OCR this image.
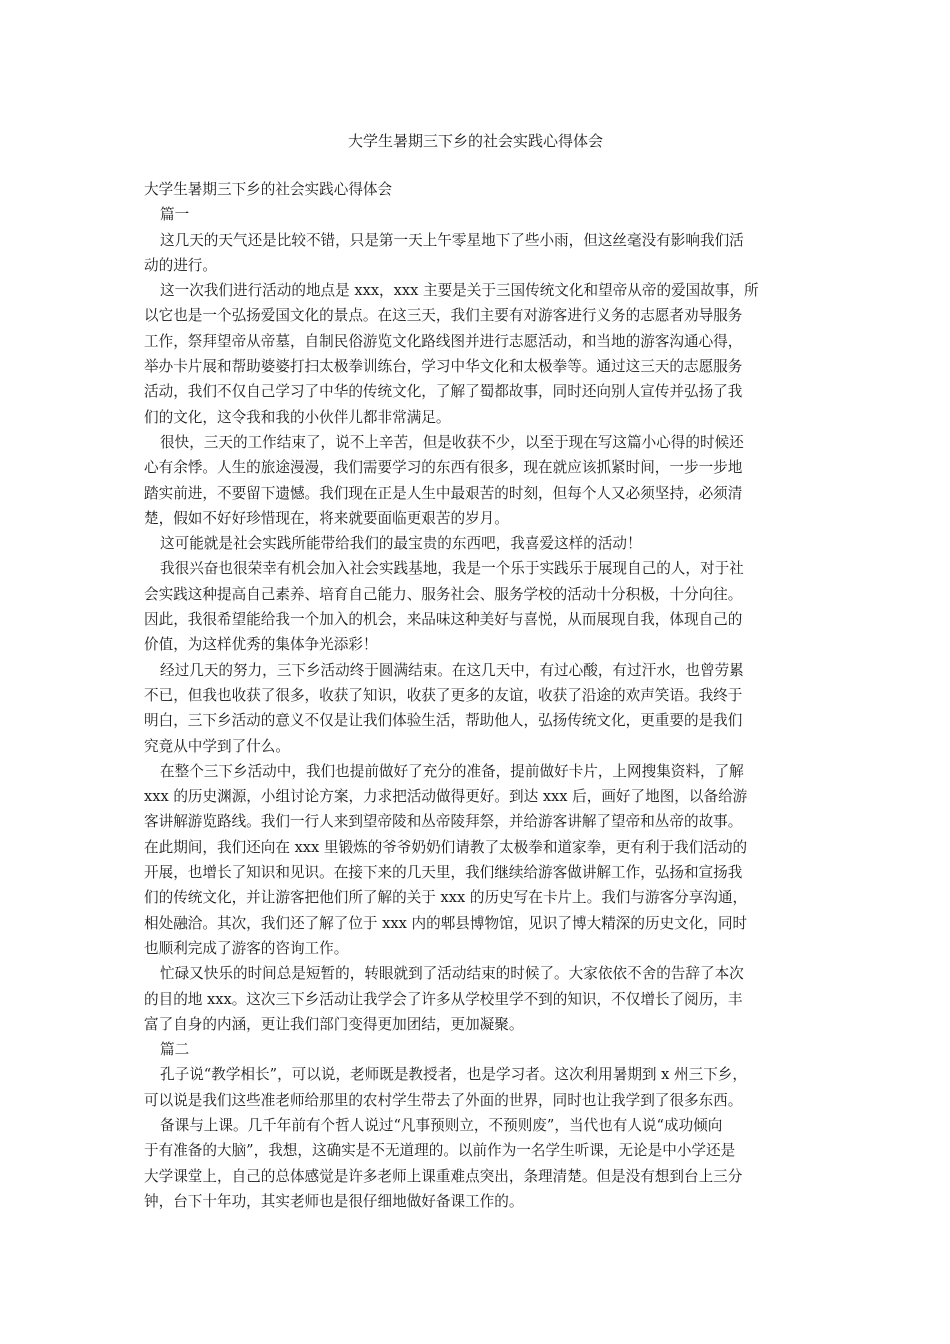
大学生暑期三下乡的社会实践心得体会

大学生暑期三下乡的社会实践心得体会

篇一

这几天的天气还是比较不错，只是第一天上午零星地下了些小雨，但这丝毫没有影响我们活

动的进行。

这一次我们进行活动的地点是 xxx，xxx 主要是关于三国传统文化和望帝从帝的爱国故事，所

以它也是一个弘扬爱国文化的景点。在这三天，我们主要有对游客进行义务的志愿者劝导服务

工作，祭拜望帝从帝墓，自制民俗游览文化路线图并进行志愿活动，和当地的游客沟通心得，

举办卡片展和帮助婆婆打扫太极拳训练台，学习中华文化和太极拳等。通过这三天的志愿服务

活动，我们不仅自己学习了中华的传统文化，了解了蜀都故事，同时还向别人宣传并弘扬了我

们的文化，这令我和我的小伙伴儿都非常满足。

很快，三天的工作结束了，说不上辛苦，但是收获不少，以至于现在写这篇小心得的时候还

心有余悸。人生的旅途漫漫，我们需要学习的东西有很多，现在就应该抓紧时间，一步一步地

踏实前进，不要留下遗憾。我们现在正是人生中最艰苦的时刻，但每个人又必须坚持，必须清

楚，假如不好好珍惜现在，将来就要面临更艰苦的岁月。

这可能就是社会实践所能带给我们的最宝贵的东西吧，我喜爱这样的活动！

我很兴奋也很荣幸有机会加入社会实践基地，我是一个乐于实践乐于展现自己的人，对于社

会实践这种提高自己素养、培育自己能力、服务社会、服务学校的活动十分积极，十分向往。

因此，我很希望能给我一个加入的机会，来品味这种美好与喜悦，从而展现自我，体现自己的

价值，为这样优秀的集体争光添彩！

经过几天的努力，三下乡活动终于圆满结束。在这几天中，有过心酸，有过汗水，也曾劳累

不已，但我也收获了很多，收获了知识，收获了更多的友谊，收获了沿途的欢声笑语。我终于

明白，三下乡活动的意义不仅是让我们体验生活，帮助他人，弘扬传统文化，更重要的是我们

究竟从中学到了什么。

在整个三下乡活动中，我们也提前做好了充分的准备，提前做好卡片，上网搜集资料，了解

xxx 的历史渊源，小组讨论方案，力求把活动做得更好。到达 xxx 后，画好了地图，以备给游

客讲解游览路线。我们一行人来到望帝陵和丛帝陵拜祭，并给游客讲解了望帝和丛帝的故事。

在此期间，我们还向在 xxx 里锻炼的爷爷奶奶们请教了太极拳和道家拳，更有利于我们活动的

开展，也增长了知识和见识。在接下来的几天里，我们继续给游客做讲解工作，弘扬和宣扬我

们的传统文化，并让游客把他们所了解的关于 xxx 的历史写在卡片上。我们与游客分享沟通，

相处融洽。其次，我们还了解了位于 xxx 内的郫县博物馆，见识了博大精深的历史文化，同时

也顺利完成了游客的咨询工作。

忙碌又快乐的时间总是短暂的，转眼就到了活动结束的时候了。大家依依不舍的告辞了本次

的目的地 xxx。这次三下乡活动让我学会了许多从学校里学不到的知识，不仅增长了阅历，丰

富了自身的内涵，更让我们部门变得更加团结，更加凝聚。

篇二

孔子说“教学相长”，可以说，老师既是教授者，也是学习者。这次利用暑期到 x 州三下乡，

可以说是我们这些准老师给那里的农村学生带去了外面的世界，同时也让我学到了很多东西。

备课与上课。几千年前有个哲人说过“凡事预则立，不预则废”，当代也有人说“成功倾向

于有准备的大脑”，我想，这确实是不无道理的。以前作为一名学生听课，无论是中小学还是

大学课堂上，自己的总体感觉是许多老师上课重难点突出，条理清楚。但是没有想到台上三分

钟，台下十年功，其实老师也是很仔细地做好备课工作的。
